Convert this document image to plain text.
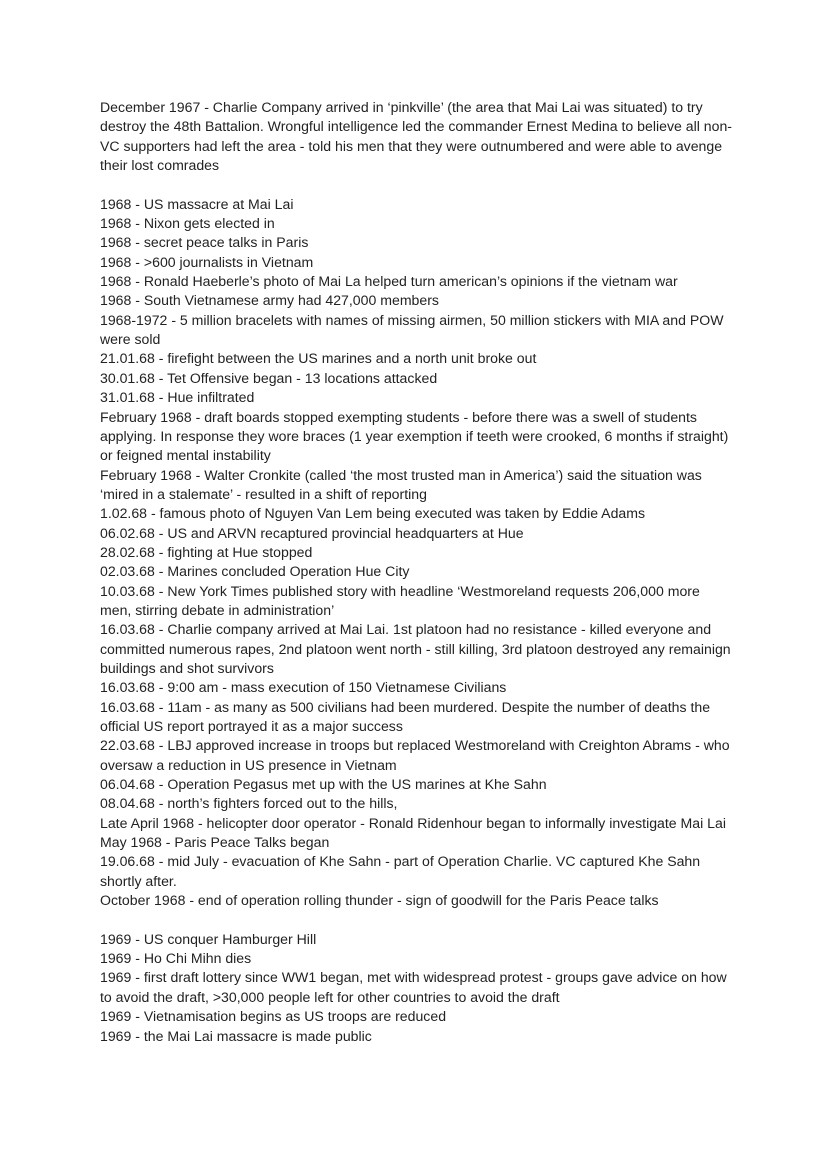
December 1967 - Charlie Company arrived in ‘pinkville’ (the area that Mai Lai was situated) to try destroy the 48th Battalion. Wrongful intelligence led the commander Ernest Medina to believe all non-VC supporters had left the area - told his men that they were outnumbered and were able to avenge their lost comrades

1968 - US massacre at Mai Lai

1968 - Nixon gets elected in

1968 - secret peace talks in Paris

1968 - >600 journalists in Vietnam

1968 - Ronald Haeberle’s photo of Mai La helped turn american’s opinions if the vietnam war

1968 - South Vietnamese army had 427,000 members

1968-1972 - 5 million bracelets with names of missing airmen, 50 million stickers with MIA and POW were sold

21.01.68 - firefight between the US marines and a north unit broke out

30.01.68 - Tet Offensive began - 13 locations attacked

31.01.68 - Hue infiltrated

February 1968 - draft boards stopped exempting students - before there was a swell of students applying. In response they wore braces (1 year exemption if teeth were crooked, 6 months if straight) or feigned mental instability

February 1968 - Walter Cronkite (called ‘the most trusted man in America’) said the situation was ‘mired in a stalemate’ - resulted in a shift of reporting

1.02.68 - famous photo of Nguyen Van Lem being executed was taken by Eddie Adams

06.02.68 - US and ARVN recaptured provincial headquarters at Hue

28.02.68 - fighting at Hue stopped

02.03.68 - Marines concluded Operation Hue City

10.03.68 - New York Times published story with headline ‘Westmoreland requests 206,000 more men, stirring debate in administration’

16.03.68 - Charlie company arrived at Mai Lai. 1st platoon had no resistance - killed everyone and committed numerous rapes, 2nd platoon went north - still killing, 3rd platoon destroyed any remainign buildings and shot survivors

16.03.68 - 9:00 am - mass execution of 150 Vietnamese Civilians

16.03.68 - 11am - as many as 500 civilians had been murdered. Despite the number of deaths the official US report portrayed it as a major success

22.03.68 - LBJ approved increase in troops but replaced Westmoreland with Creighton Abrams - who oversaw a reduction in US presence in Vietnam

06.04.68 - Operation Pegasus met up with the US marines at Khe Sahn

08.04.68 - north’s fighters forced out to the hills,

Late April 1968 - helicopter door operator - Ronald Ridenhour began to informally investigate Mai Lai

May 1968 - Paris Peace Talks began

19.06.68 - mid July - evacuation of Khe Sahn - part of Operation Charlie. VC captured Khe Sahn shortly after.

October 1968 - end of operation rolling thunder - sign of goodwill for the Paris Peace talks

1969 - US conquer Hamburger Hill

1969 - Ho Chi Mihn dies

1969 - first draft lottery since WW1 began, met with widespread protest - groups gave advice on how to avoid the draft, >30,000 people left for other countries to avoid the draft

1969 - Vietnamisation begins as US troops are reduced

1969 - the Mai Lai massacre is made public
